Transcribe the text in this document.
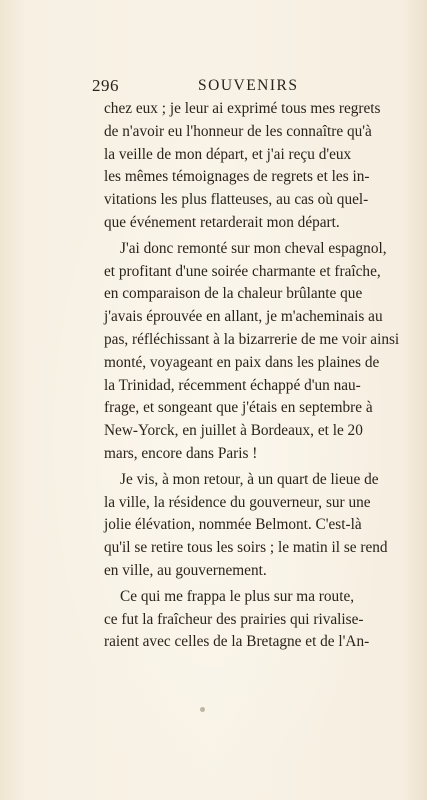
296	SOUVENIRS
chez eux ; je leur ai exprimé tous mes regrets
de n'avoir eu l'honneur de les connaître qu'à
la veille de mon départ, et j'ai reçu d'eux
les mêmes témoignages de regrets et les in-
vitations les plus flatteuses, au cas où quel-
que événement retarderait mon départ.
J'ai donc remonté sur mon cheval espagnol,
et profitant d'une soirée charmante et fraîche,
en comparaison de la chaleur brûlante que
j'avais éprouvée en allant, je m'acheminais au
pas, réfléchissant à la bizarrerie de me voir ainsi
monté, voyageant en paix dans les plaines de
la Trinidad, récemment échappé d'un nau-
frage, et songeant que j'étais en septembre à
New-Yorck, en juillet à Bordeaux, et le 20
mars, encore dans Paris !
Je vis, à mon retour, à un quart de lieue de
la ville, la résidence du gouverneur, sur une
jolie élévation, nommée Belmont. C'est-là
qu'il se retire tous les soirs ; le matin il se rend
en ville, au gouvernement.
Ce qui me frappa le plus sur ma route,
ce fut la fraîcheur des prairies qui rivalise-
raient avec celles de la Bretagne et de l'An-
